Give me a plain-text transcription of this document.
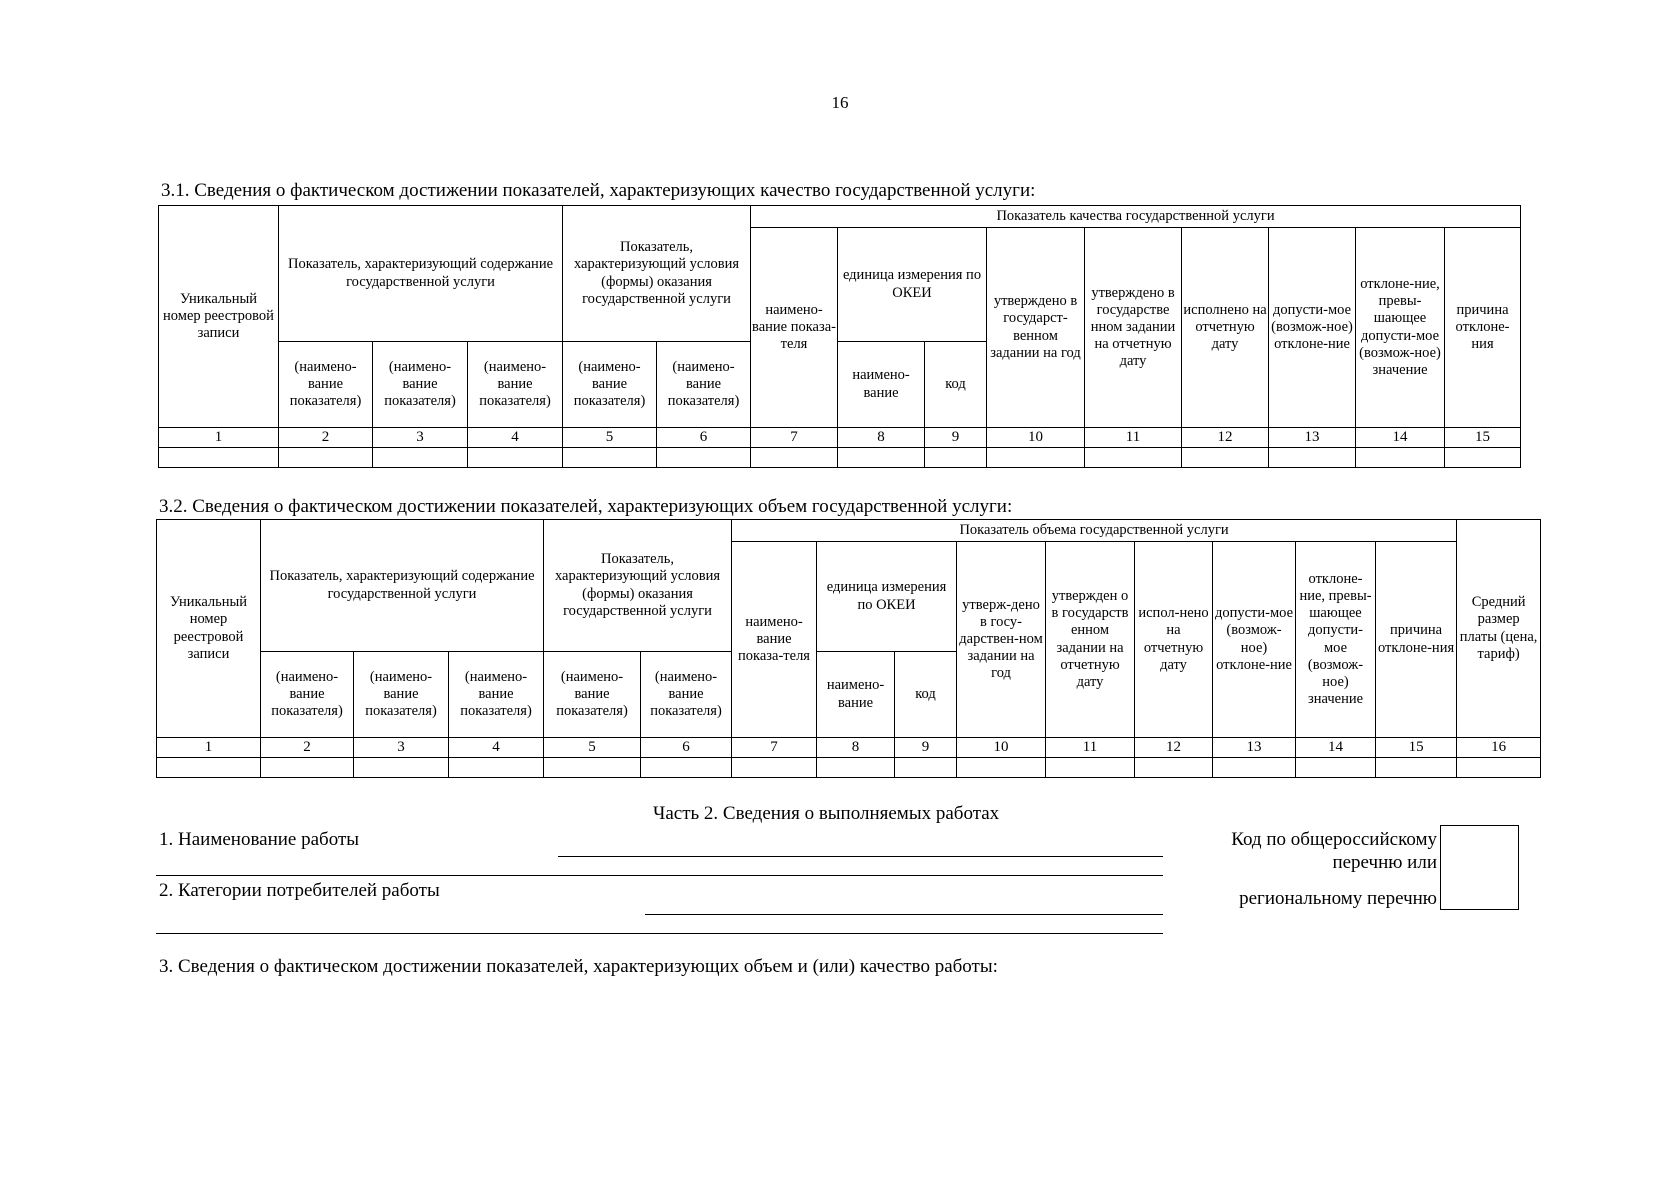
16
3.1. Сведения о фактическом достижении показателей, характеризующих качество государственной услуги:
Уникальный номер реестровой записи	Показатель, характеризующий содержание государственной услуги			Показатель, характеризующий условия (формы) оказания государственной услуги		Показатель качества государственной услуги								
						наимено-вание показа-теля	единица измерения по ОКЕИ		утверждено в государст-венном задании на год	утверждено в государстве нном задании на отчетную дату	исполнено на отчетную дату	допусти-мое (возмож-ное) отклоне-ние	отклоне-ние, превы-шающее допусти-мое (возмож-ное) значение	причина отклоне-ния
	(наимено-вание показателя)	(наимено-вание показателя)	(наимено-вание показателя)	(наимено-вание показателя)	(наимено-вание показателя)		наимено-вание	код						

1	2	3	4	5	6	7	8	9	10	11	12	13	14	15

3.2. Сведения о фактическом достижении показателей, характеризующих объем государственной услуги:
Уникальный номер реестровой записи	Показатель, характеризующий содержание государственной услуги			Показатель, характеризующий условия (формы) оказания государственной услуги		Показатель объема государственной услуги									Средний размер платы (цена, тариф)
						наимено-вание показа-теля	единица измерения по ОКЕИ		утверж-дено в госу-дарствен-ном задании на год	утвержден о в государств енном задании на отчетную дату	испол-нено на отчетную дату	допусти-мое (возмож-ное) отклоне-ние	отклоне-ние, превы-шающее допусти-мое (возмож-ное) значение	причина отклоне-ния	
	(наимено-вание показателя)	(наимено-вание показателя)	(наимено-вание показателя)	(наимено-вание показателя)	(наимено-вание показателя)		наимено-вание	код							

1	2	3	4	5	6	7	8	9	10	11	12	13	14	15	16

Часть 2. Сведения о выполняемых работах
1. Наименование работы
2. Категории потребителей работы
Код по общероссийскому
перечню или
региональному перечню
3. Сведения о фактическом достижении показателей, характеризующих объем и (или) качество работы:
